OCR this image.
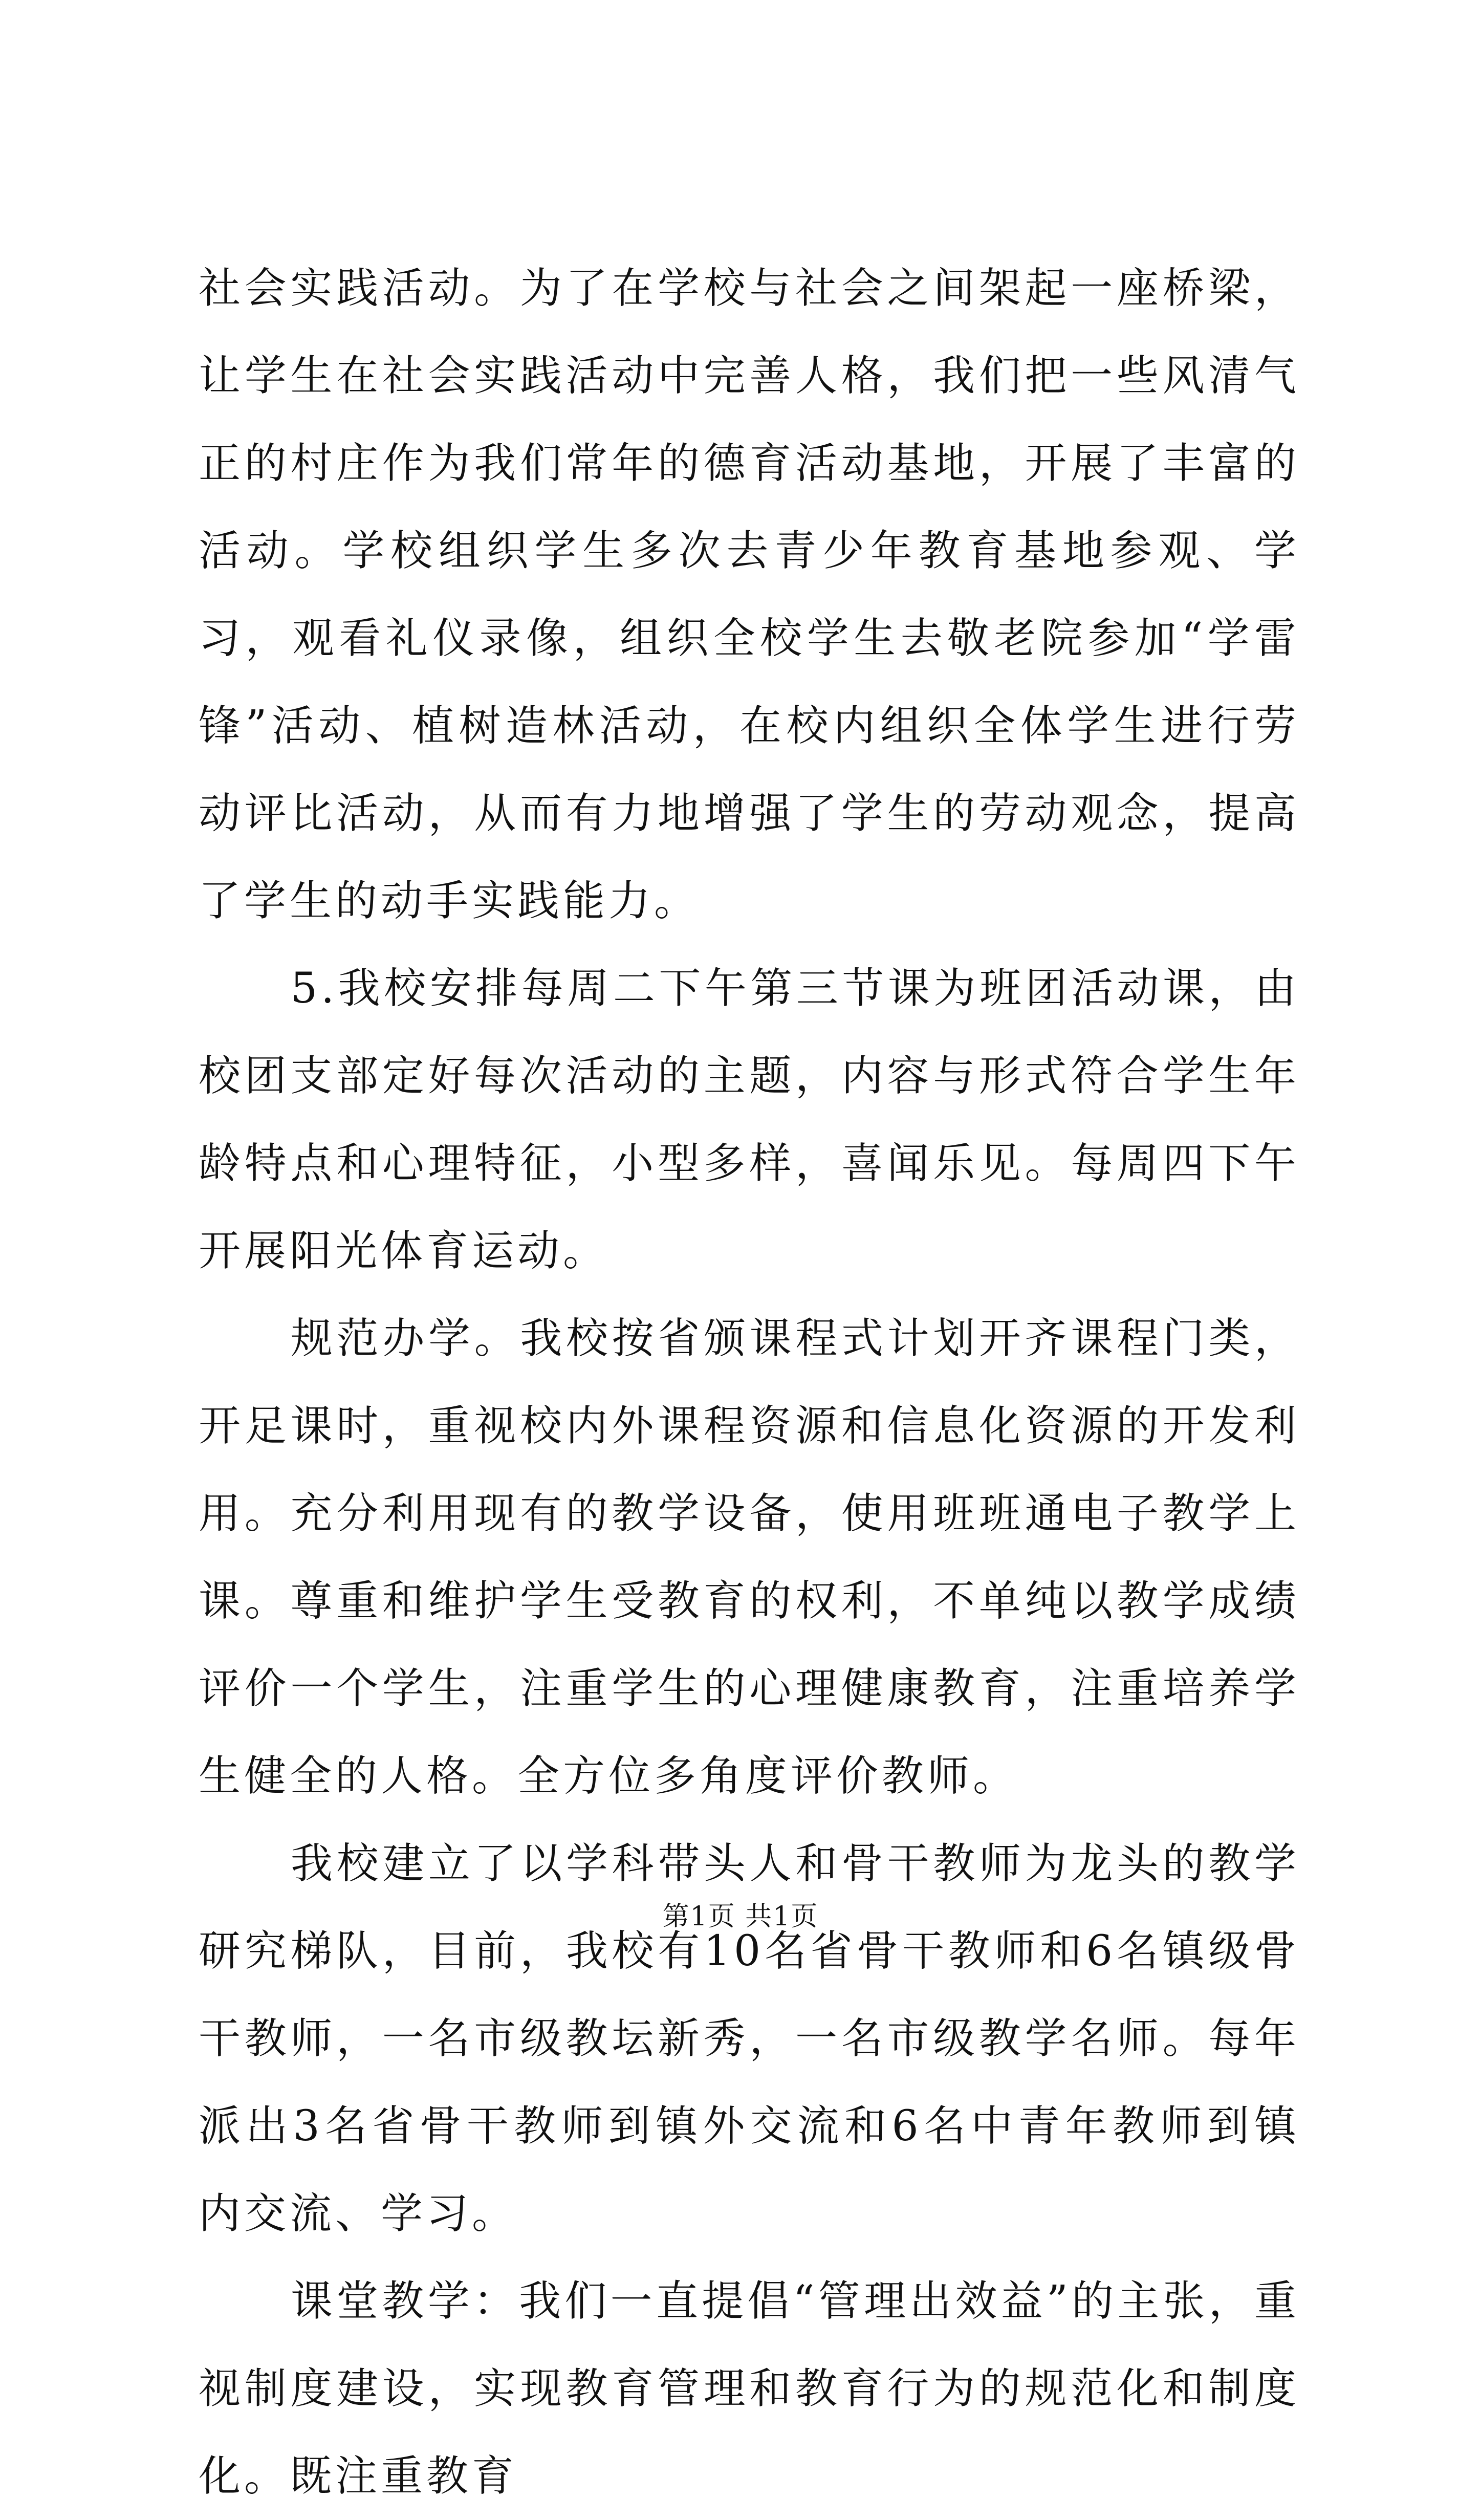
社会实践活动。为了在学校与社会之间架起一座桥梁，让学生在社会实践活动中完善人格，我们把一些风清气正的村庄作为我们常年的德育活动基地，开展了丰富的活动。学校组织学生多次去青少年教育基地参观、学习，观看礼仪录像，组织全校学生去敬老院参加“学雷锋”活动、植树造林活动，在校内组织全体学生进行劳动评比活动，从而有力地增强了学生的劳动观念，提高了学生的动手实践能力。

5.我校安排每周二下午第三节课为班团活动课，由校团支部定好每次活动的主题，内容与形式符合学生年龄特点和心理特征，小型多样，喜闻乐见。每周四下午开展阳光体育运动。

规范办学。我校按省颁课程式计划开齐课程门类，开足课时，重视校内外课程资源和信息化资源的开发利用。充分利用现有的教学设备，使用班班通电子教学上课。尊重和维护学生受教育的权利，不单纯以教学成绩评价一个学生，注重学生的心理健康教育，注重培养学生健全的人格。全方位多角度评价教师。

我校建立了以学科带头人和骨干教师为龙头的教学研究梯队，目前，我校有10名省骨干教师和6名镇级骨干教师，一名市级教坛新秀，一名市级教学名师。每年派出3名省骨干教师到镇外交流和6名中青年教师到镇内交流、学习。

课堂教学：我们一直提倡“管理出效益”的主张，重视制度建设，实现教育管理和教育行为的规范化和制度化。既注重教育

第1页 共1页
